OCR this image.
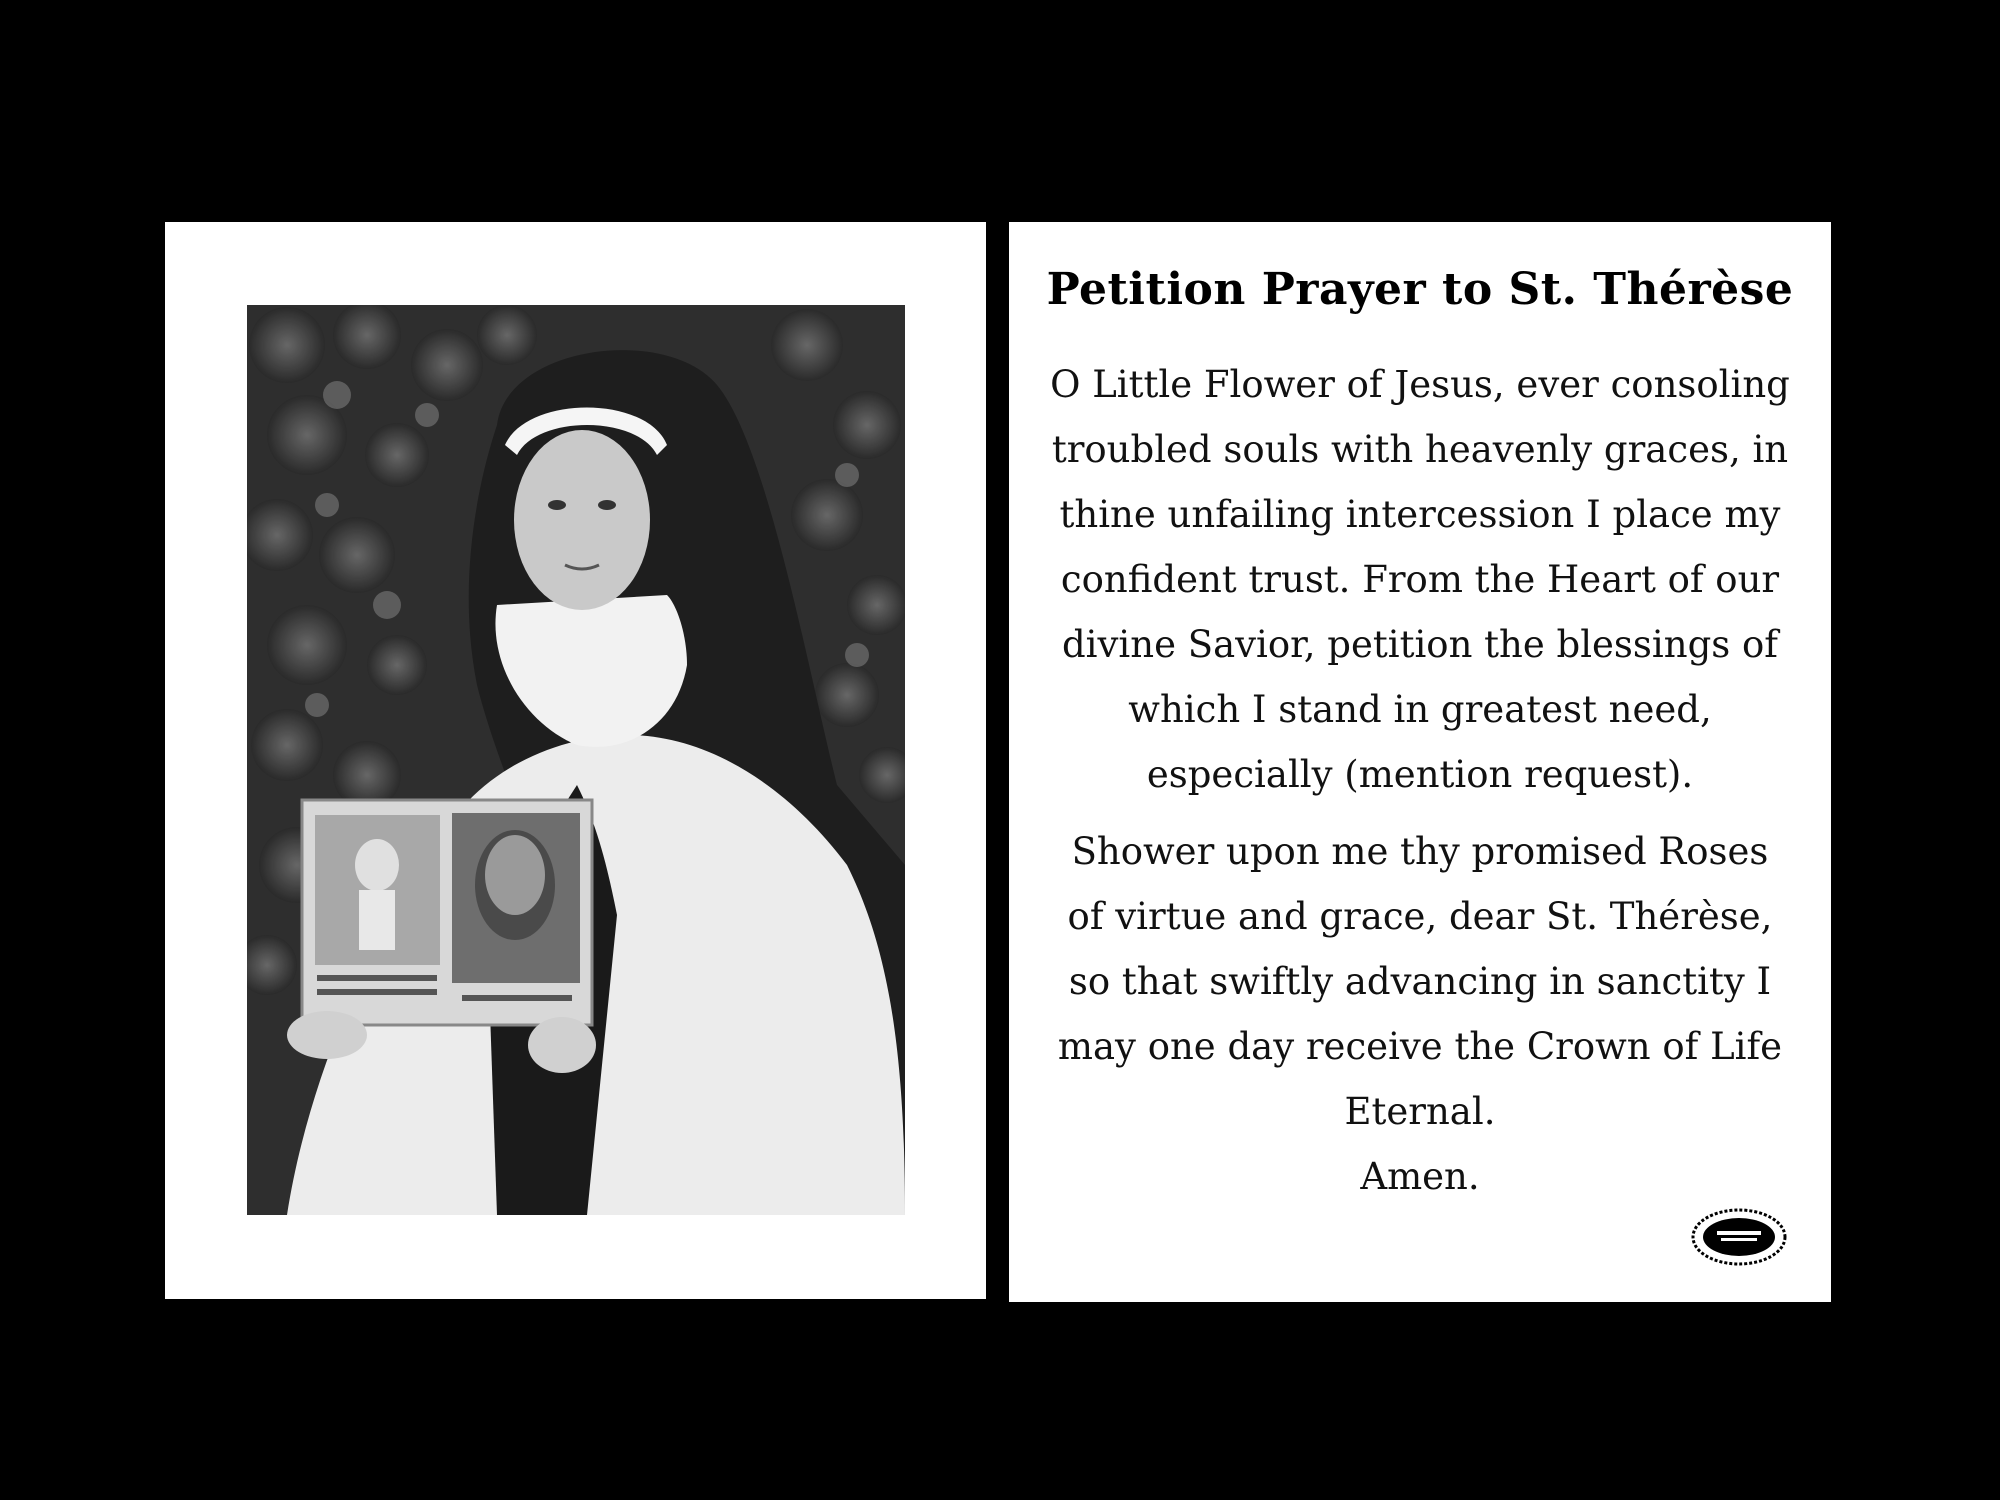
Petition Prayer to St. Thérèse
O Little Flower of Jesus, ever consoling troubled souls with heavenly graces, in thine unfailing intercession I place my confident trust. From the Heart of our divine Savior, petition the blessings of which I stand in greatest need, especially (mention request).
Shower upon me thy promised Roses of virtue and grace, dear St. Thérèse, so that swiftly advancing in sanctity I may one day receive the Crown of Life Eternal.
Amen.
